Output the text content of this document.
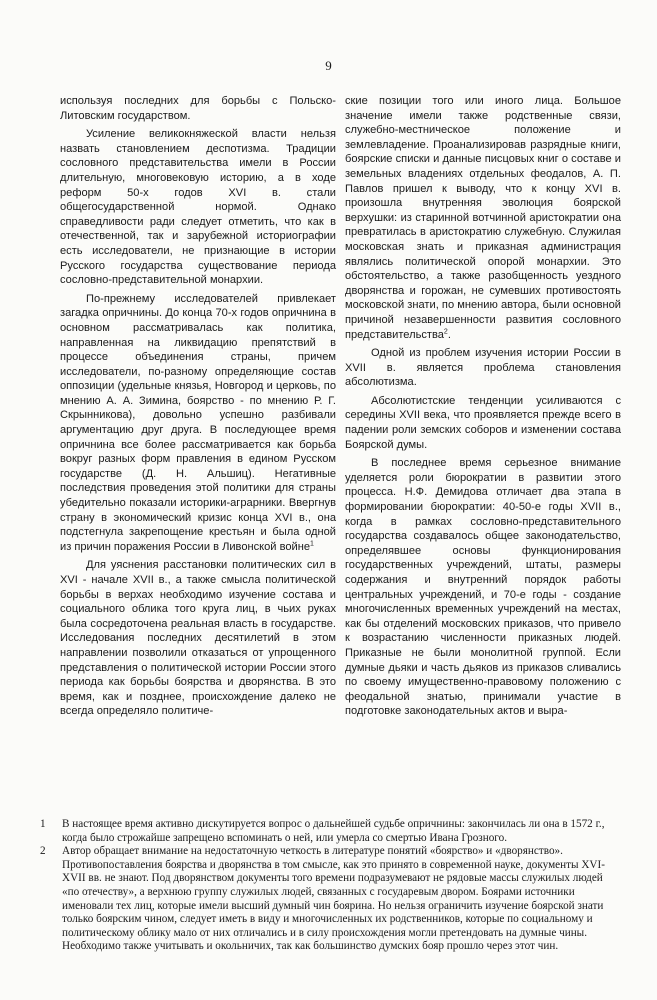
9

используя последних для борьбы с Польско-Литовским государством.

Усиление великокняжеской власти нельзя назвать становлением деспотизма. Традиции сословного представительства имели в России длительную, многовековую историю, а в ходе реформ 50-х годов XVI в. стали общегосударственной нормой. Однако справедливости ради следует отметить, что как в отечественной, так и зарубежной историографии есть исследователи, не признающие в истории Русского государства существование периода сословно-представительной монархии.

По-прежнему исследователей привлекает загадка опричнины. До конца 70-х годов опричнина в основном рассматривалась как политика, направленная на ликвидацию препятствий в процессе объединения страны, причем исследователи, по-разному определяющие состав оппозиции (удельные князья, Новгород и церковь, по мнению А. А. Зимина, боярство - по мнению Р. Г. Скрынникова), довольно успешно разбивали аргументацию друг друга. В последующее время опричнина все более рассматривается как борьба вокруг разных форм правления в едином Русском государстве (Д. Н. Альшиц). Негативные последствия проведения этой политики для страны убедительно показали историки-аграрники. Ввергнув страну в экономический кризис конца XVI в., она подстегнула закрепощение крестьян и была одной из причин поражения России в Ливонской войне$^1$

Для уяснения расстановки политических сил в XVI - начале XVII в., а также смысла политической борьбы в верхах необходимо изучение состава и социального облика того круга лиц, в чьих руках была сосредоточена реальная власть в государстве. Исследования последних десятилетий в этом направлении позволили отказаться от упрощенного представления о политической истории России этого периода как борьбы боярства и дворянства. В это время, как и позднее, происхождение далеко не всегда определяло политиче-

ские позиции того или иного лица. Большое значение имели также родственные связи, служебно-местническое положение и землевладение. Проанализировав разрядные книги, боярские списки и данные писцовых книг о составе и земельных владениях отдельных феодалов, А. П. Павлов пришел к выводу, что к концу XVI в. произошла внутренняя эволюция боярской верхушки: из старинной вотчинной аристократии она превратилась в аристократию служебную. Служилая московская знать и приказная администрация являлись политической опорой монархии. Это обстоятельство, а также разобщенность уездного дворянства и горожан, не сумевших противостоять московской знати, по мнению автора, были основной причиной незавершенности развития сословного представительства$^2$.

Одной из проблем изучения истории России в XVII в. является проблема становления абсолютизма.

Абсолютистские тенденции усиливаются с середины XVII века, что проявляется прежде всего в падении роли земских соборов и изменении состава Боярской думы.

В последнее время серьезное внимание уделяется роли бюрократии в развитии этого процесса. Н.Ф. Демидова отличает два этапа в формировании бюрократии: 40-50-е годы XVII в., когда в рамках сословно-представительного государства создавалось общее законодательство, определявшее основы функционирования государственных учреждений, штаты, размеры содержания и внутренний порядок работы центральных учреждений, и 70-е годы - создание многочисленных временных учреждений на местах, как бы отделений московских приказов, что привело к возрастанию численности приказных людей. Приказные не были монолитной группой. Если думные дьяки и часть дьяков из приказов сливались по своему имущественно-правовому положению с феодальной знатью, принимали участие в подготовке законодательных актов и выра-

1	В настоящее время активно дискутируется вопрос о дальнейшей судьбе опричнины: закончилась ли она в 1572 г., когда было строжайше запрещено вспоминать о ней, или умерла со смертью Ивана Грозного.
2	Автор обращает внимание на недостаточную четкость в литературе понятий «боярство» и «дворянство». Противопоставления боярства и дворянства в том смысле, как это принято в современной науке, документы XVI-XVII вв. не знают. Под дворянством документы того времени подразумевают не рядовые массы служилых людей «по отечеству», а верхнюю группу служилых людей, связанных с государевым двором. Боярами источники именовали тех лиц, которые имели высший думный чин боярина. Но нельзя ограничить изучение боярской знати только боярским чином, следует иметь в виду и многочисленных их родственников, которые по социальному и политическому облику мало от них отличались и в силу происхождения могли претендовать на думные чины. Необходимо также учитывать и окольничих, так как большинство думских бояр прошло через этот чин.
